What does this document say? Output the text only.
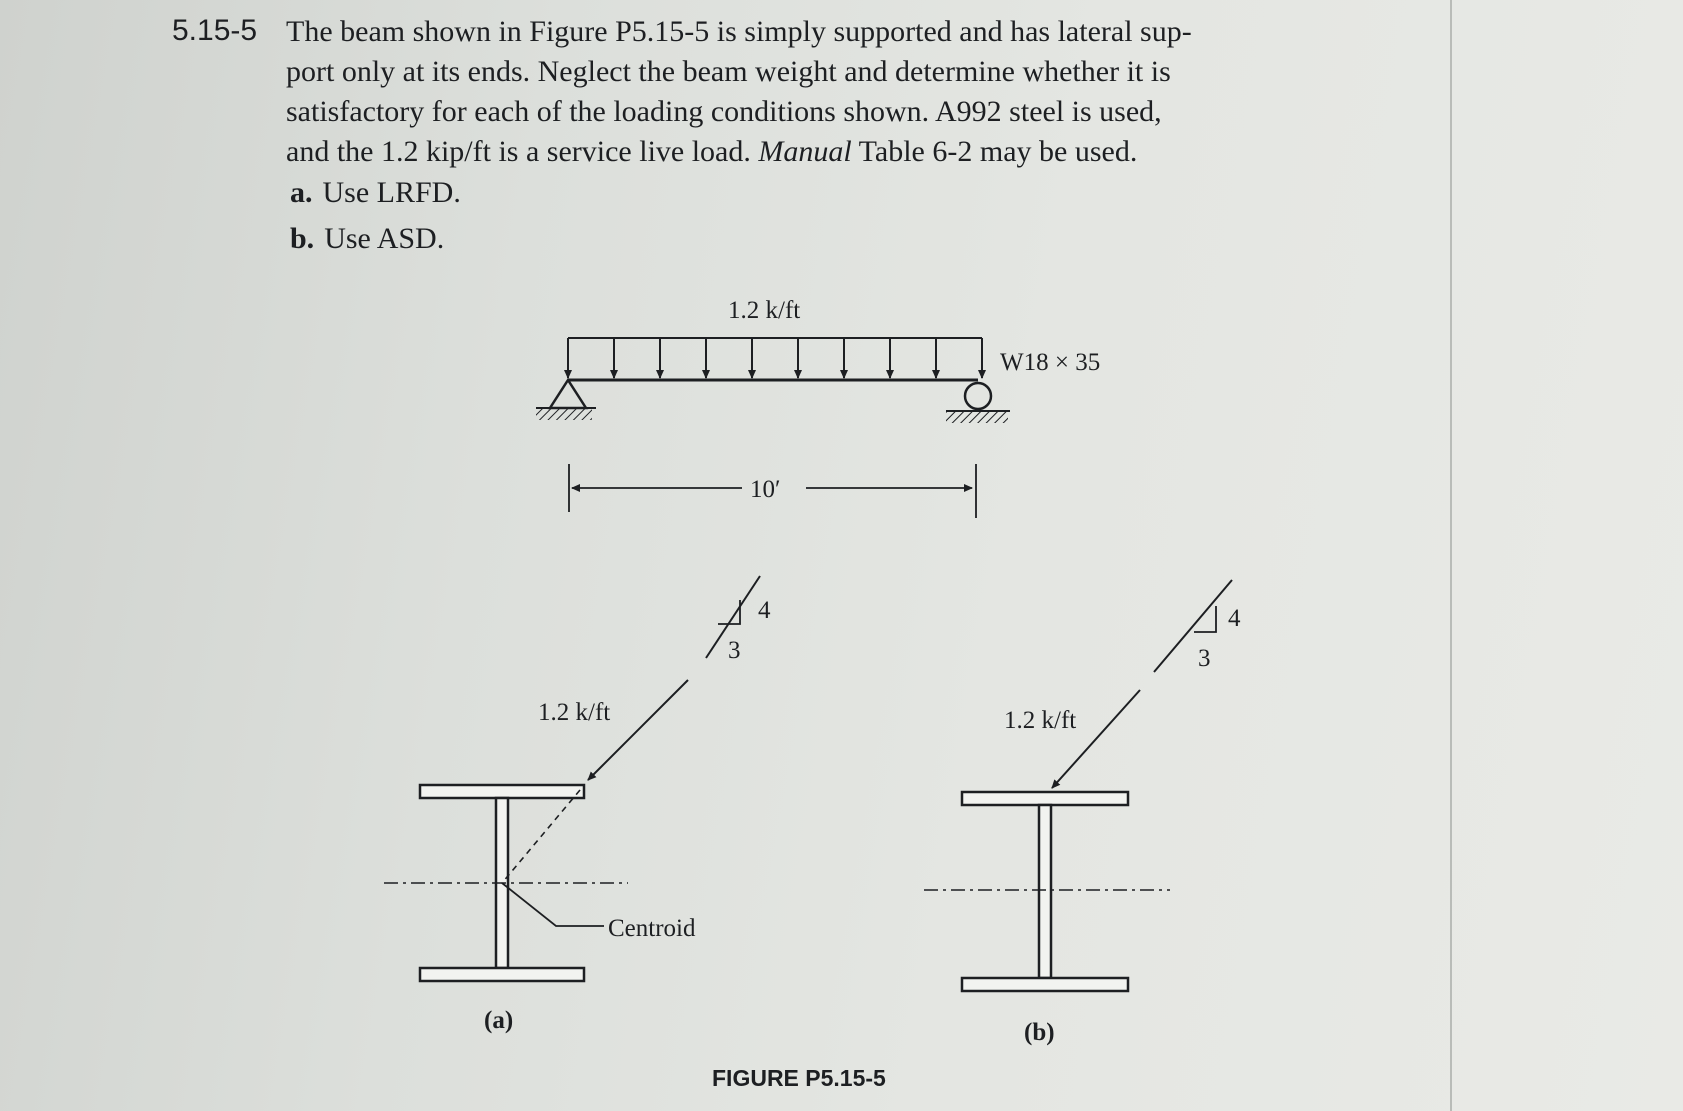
5.15-5 The beam shown in Figure P5.15-5 is simply supported and has lateral sup-
port only at its ends. Neglect the beam weight and determine whether it is
satisfactory for each of the loading conditions shown. A992 steel is used,
and the 1.2 kip/ft is a service live load. Manual Table 6-2 may be used.
a. Use LRFD.
b. Use ASD.
1.2 k/ft
W18 × 35
10′
4
3
1.2 k/ft
Centroid
(a)
4
3
1.2 k/ft
(b)
FIGURE P5.15-5
